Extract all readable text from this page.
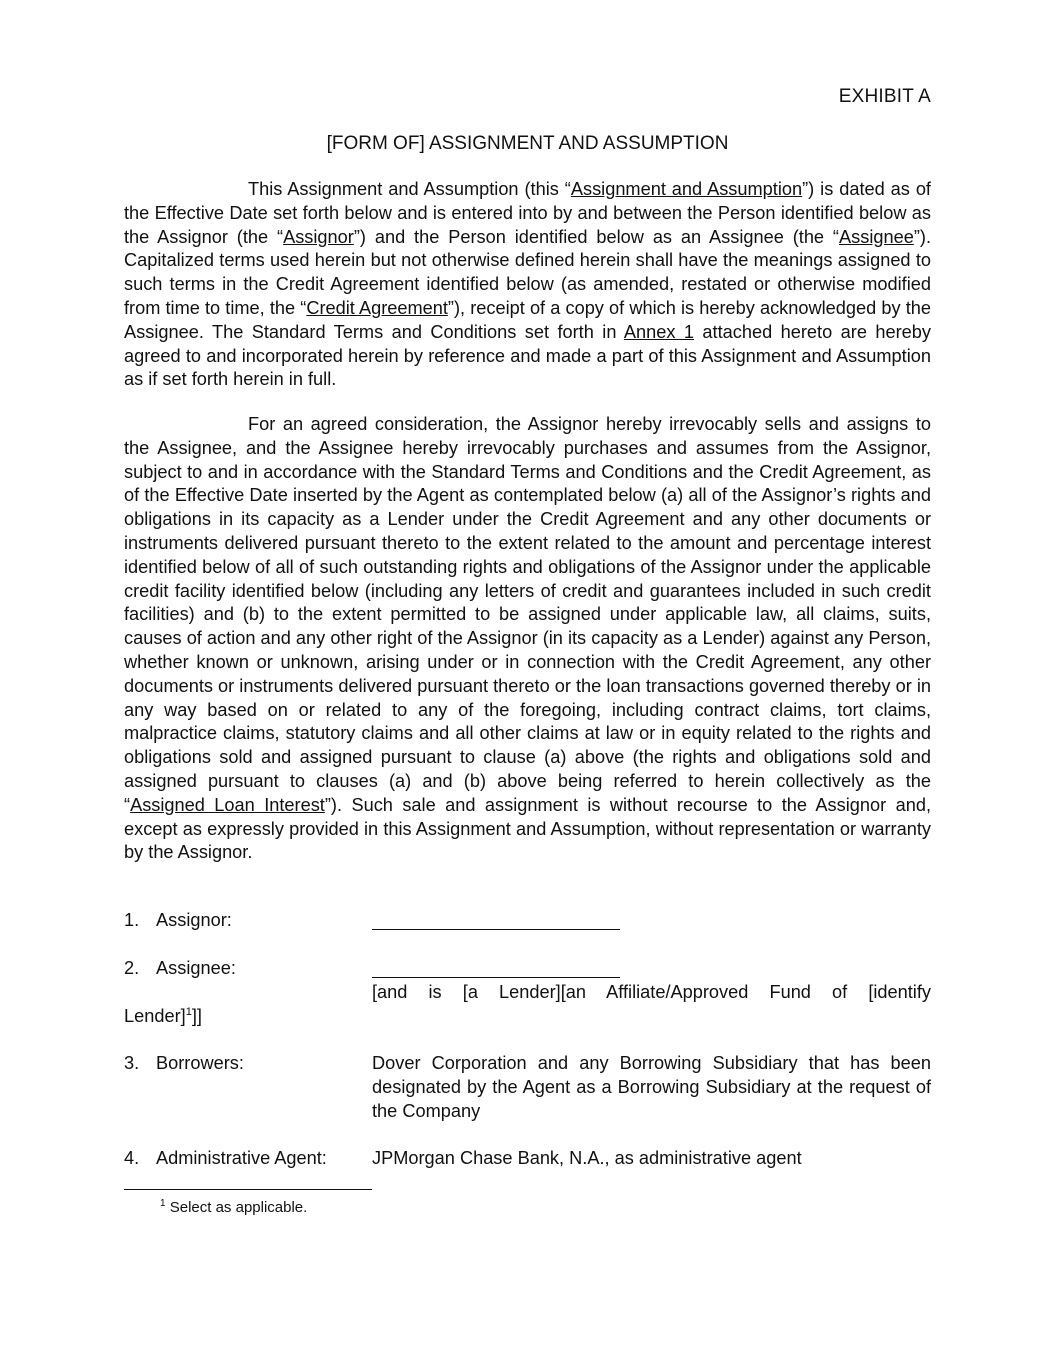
EXHIBIT A
[FORM OF] ASSIGNMENT AND ASSUMPTION

This Assignment and Assumption (this “Assignment and Assumption”) is dated as of the Effective Date set forth below and is entered into by and between the Person identified below as the Assignor (the “Assignor”) and the Person identified below as an Assignee (the “Assignee”). Capitalized terms used herein but not otherwise defined herein shall have the meanings assigned to such terms in the Credit Agreement identified below (as amended, restated or otherwise modified from time to time, the “Credit Agreement”), receipt of a copy of which is hereby acknowledged by the Assignee. The Standard Terms and Conditions set forth in Annex 1 attached hereto are hereby agreed to and incorporated herein by reference and made a part of this Assignment and Assumption as if set forth herein in full.

For an agreed consideration, the Assignor hereby irrevocably sells and assigns to the Assignee, and the Assignee hereby irrevocably purchases and assumes from the Assignor, subject to and in accordance with the Standard Terms and Conditions and the Credit Agreement, as of the Effective Date inserted by the Agent as contemplated below (a) all of the Assignor’s rights and obligations in its capacity as a Lender under the Credit Agreement and any other documents or instruments delivered pursuant thereto to the extent related to the amount and percentage interest identified below of all of such outstanding rights and obligations of the Assignor under the applicable credit facility identified below (including any letters of credit and guarantees included in such credit facilities) and (b) to the extent permitted to be assigned under applicable law, all claims, suits, causes of action and any other right of the Assignor (in its capacity as a Lender) against any Person, whether known or unknown, arising under or in connection with the Credit Agreement, any other documents or instruments delivered pursuant thereto or the loan transactions governed thereby or in any way based on or related to any of the foregoing, including contract claims, tort claims, malpractice claims, statutory claims and all other claims at law or in equity related to the rights and obligations sold and assigned pursuant to clause (a) above (the rights and obligations sold and assigned pursuant to clauses (a) and (b) above being referred to herein collectively as the “Assigned Loan Interest”). Such sale and assignment is without recourse to the Assignor and, except as expressly provided in this Assignment and Assumption, without representation or warranty by the Assignor.

1. Assignor:
2. Assignee:
[and is [a Lender][an Affiliate/Approved Fund of [identify
Lender]$^1$]]
3. Borrowers:	Dover Corporation and any Borrowing Subsidiary that has been designated by the Agent as a Borrowing Subsidiary at the request of the Company
4. Administrative Agent: JPMorgan Chase Bank, N.A., as administrative agent
$^1$ Select as applicable.
